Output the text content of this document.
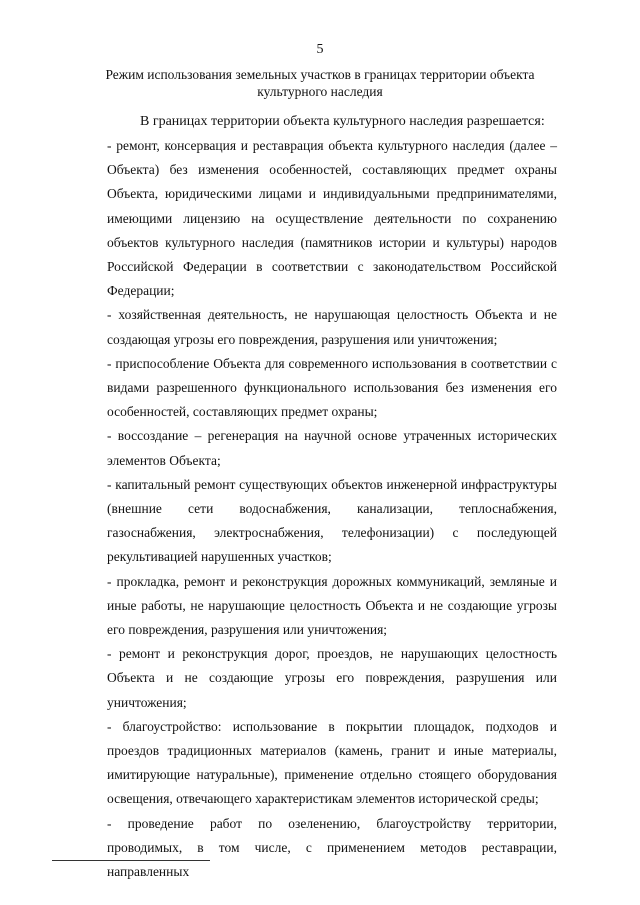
5
Режим использования земельных участков в границах территории объекта культурного наследия
В границах территории объекта культурного наследия разрешается:

- ремонт, консервация и реставрация объекта культурного наследия (далее – Объекта) без изменения особенностей, составляющих предмет охраны Объекта, юридическими лицами и индивидуальными предпринимателями, имеющими лицензию на осуществление деятельности по сохранению объектов культурного наследия (памятников истории и культуры) народов Российской Федерации в соответствии с законодательством Российской Федерации;

- хозяйственная деятельность, не нарушающая целостность Объекта и не создающая угрозы его повреждения, разрушения или уничтожения;

- приспособление Объекта для современного использования в соответствии с видами разрешенного функционального использования без изменения его особенностей, составляющих предмет охраны;

- воссоздание – регенерация на научной основе утраченных исторических элементов Объекта;

- капитальный ремонт существующих объектов инженерной инфраструктуры (внешние сети водоснабжения, канализации, теплоснабжения, газоснабжения, электроснабжения, телефонизации) с последующей рекультивацией нарушенных участков;

- прокладка, ремонт и реконструкция дорожных коммуникаций, земляные и иные работы, не нарушающие целостность Объекта и не создающие угрозы его повреждения, разрушения или уничтожения;

- ремонт и реконструкция дорог, проездов, не нарушающих целостность Объекта и не создающие угрозы его повреждения, разрушения или уничтожения;

- благоустройство: использование в покрытии площадок, подходов и проездов традиционных материалов (камень, гранит и иные материалы, имитирующие натуральные), применение отдельно стоящего оборудования освещения, отвечающего характеристикам элементов исторической среды;

- проведение работ по озеленению, благоустройству территории, проводимых, в том числе, с применением методов реставрации, направленных
